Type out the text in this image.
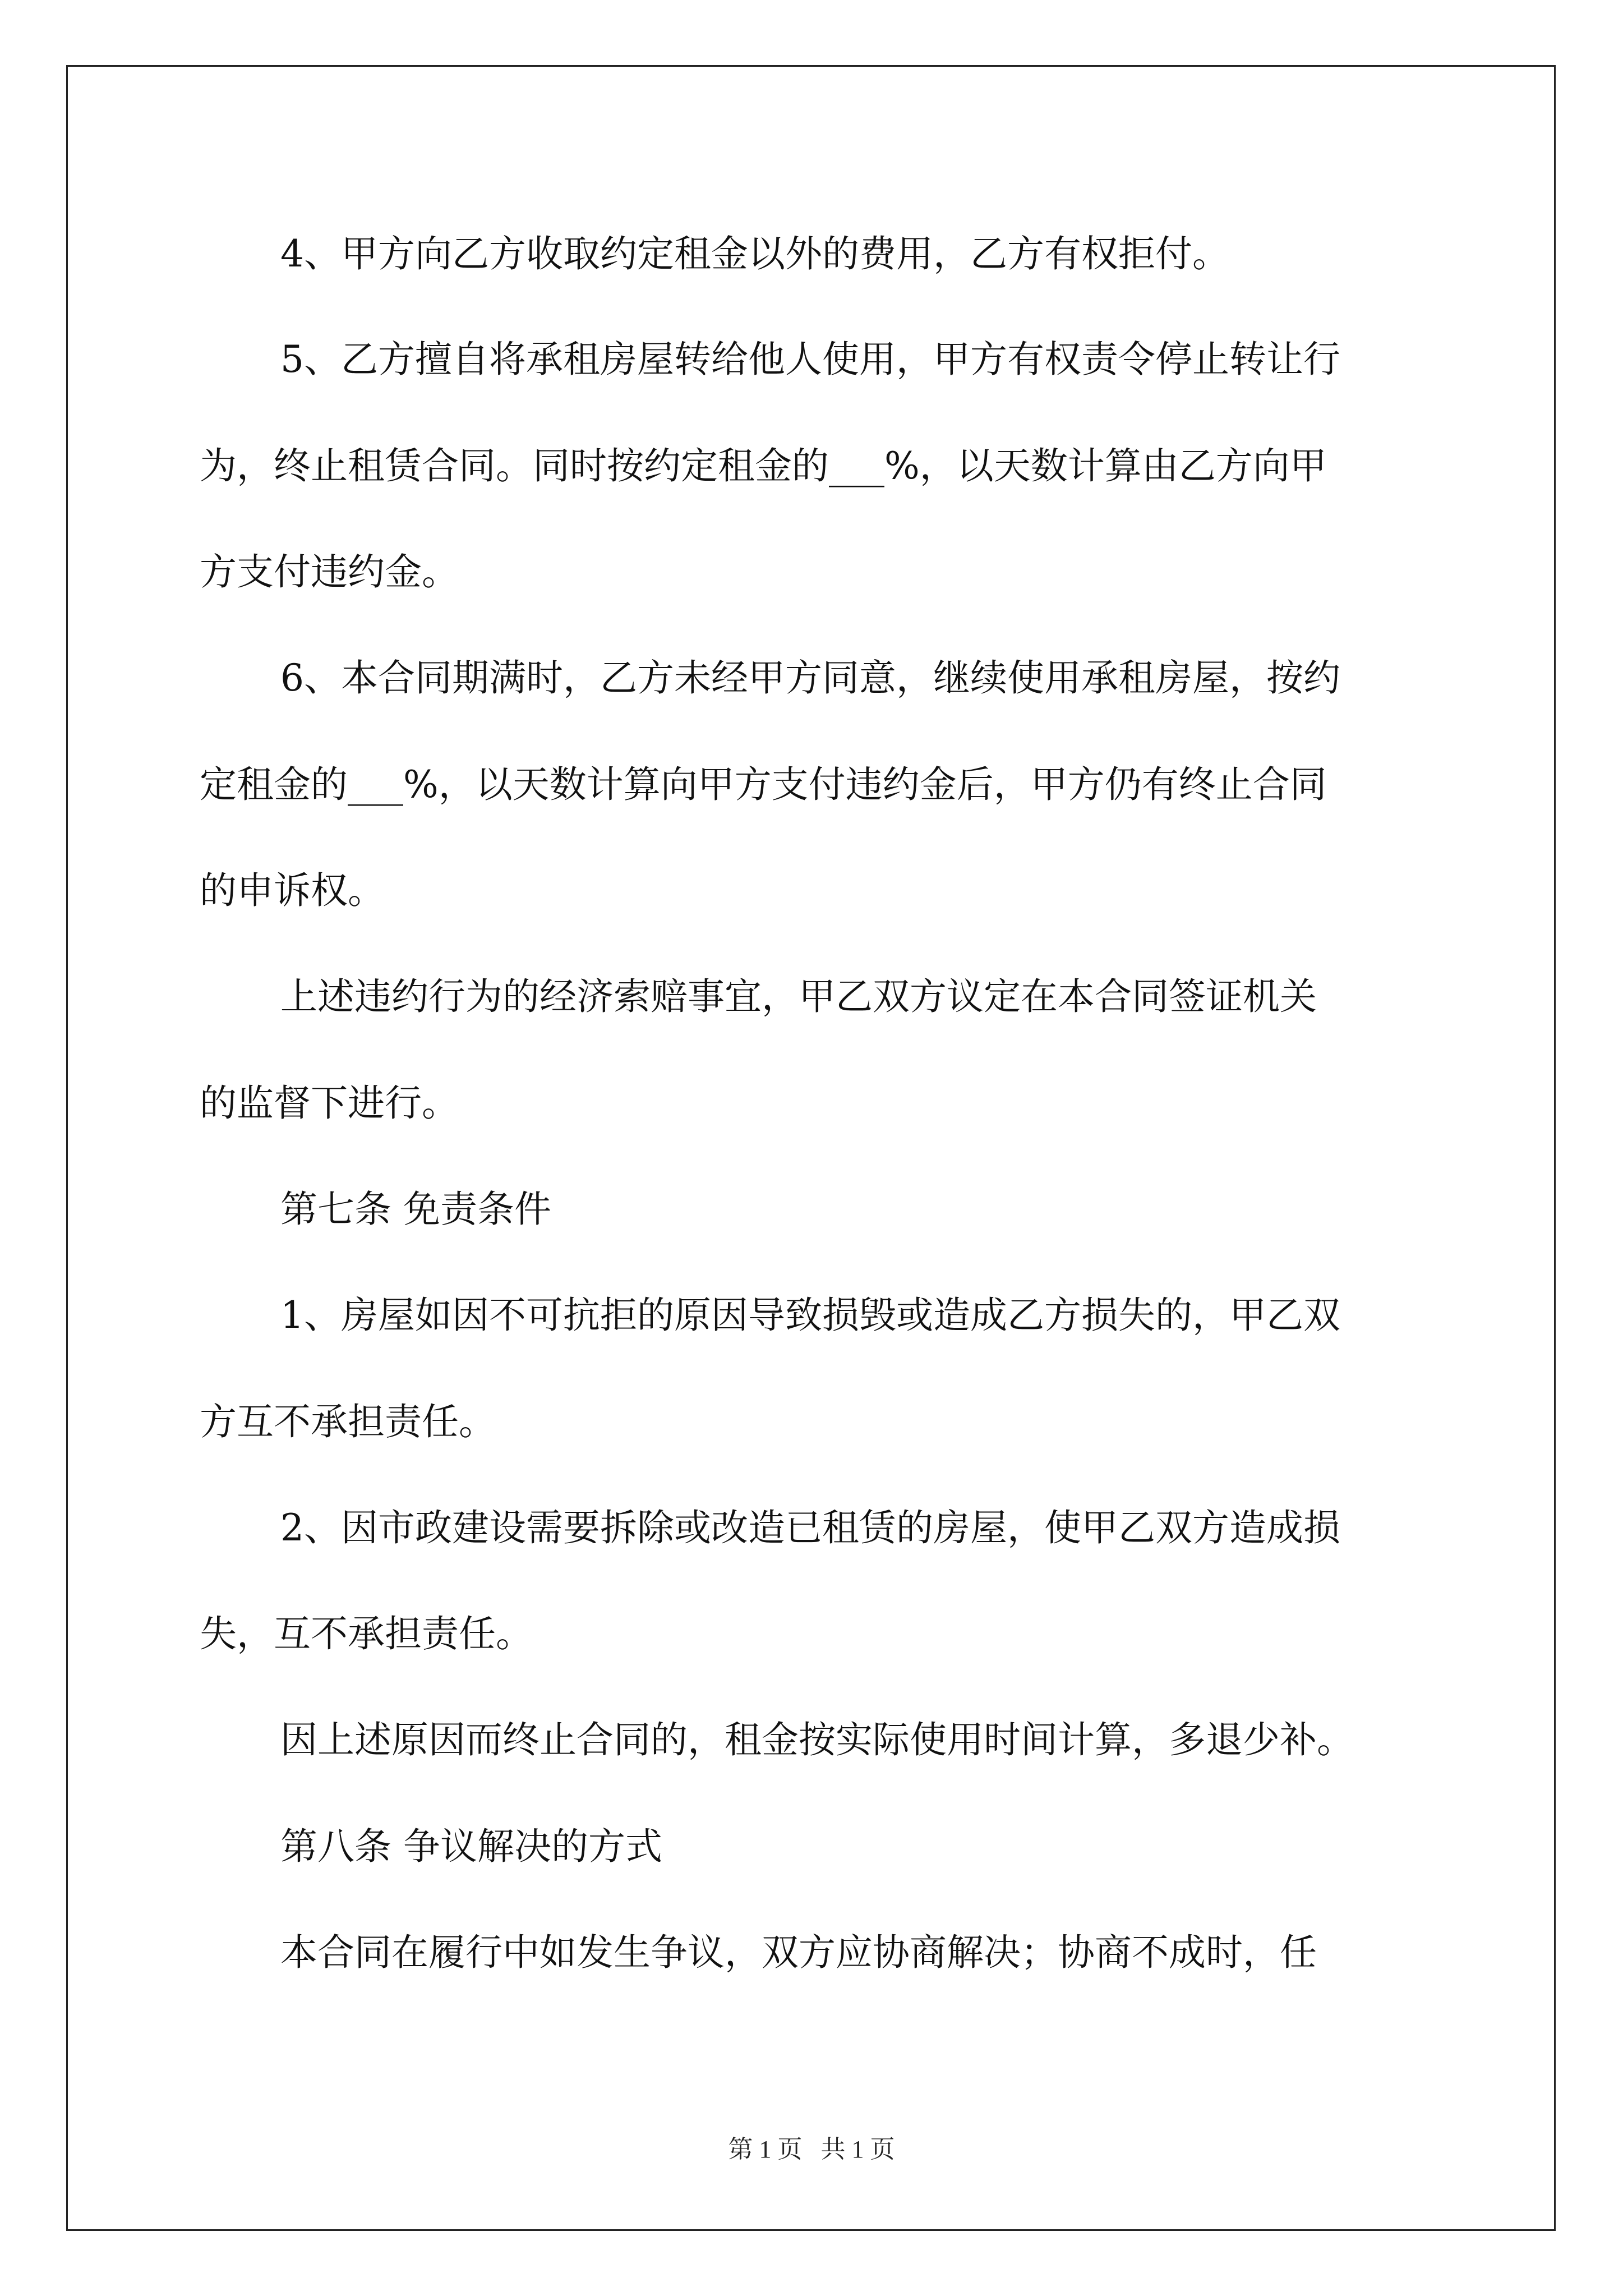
4、甲方向乙方收取约定租金以外的费用，乙方有权拒付。
5、乙方擅自将承租房屋转给他人使用，甲方有权责令停止转让行
为，终止租赁合同。同时按约定租金的___%，以天数计算由乙方向甲
方支付违约金。
6、本合同期满时，乙方未经甲方同意，继续使用承租房屋，按约
定租金的___%，以天数计算向甲方支付违约金后，甲方仍有终止合同
的申诉权。
上述违约行为的经济索赔事宜，甲乙双方议定在本合同签证机关
的监督下进行。
第七条 免责条件
1、房屋如因不可抗拒的原因导致损毁或造成乙方损失的，甲乙双
方互不承担责任。
2、因市政建设需要拆除或改造已租赁的房屋，使甲乙双方造成损
失，互不承担责任。
因上述原因而终止合同的，租金按实际使用时间计算，多退少补。
第八条 争议解决的方式
本合同在履行中如发生争议，双方应协商解决；协商不成时，任
第 1 页   共 1 页
